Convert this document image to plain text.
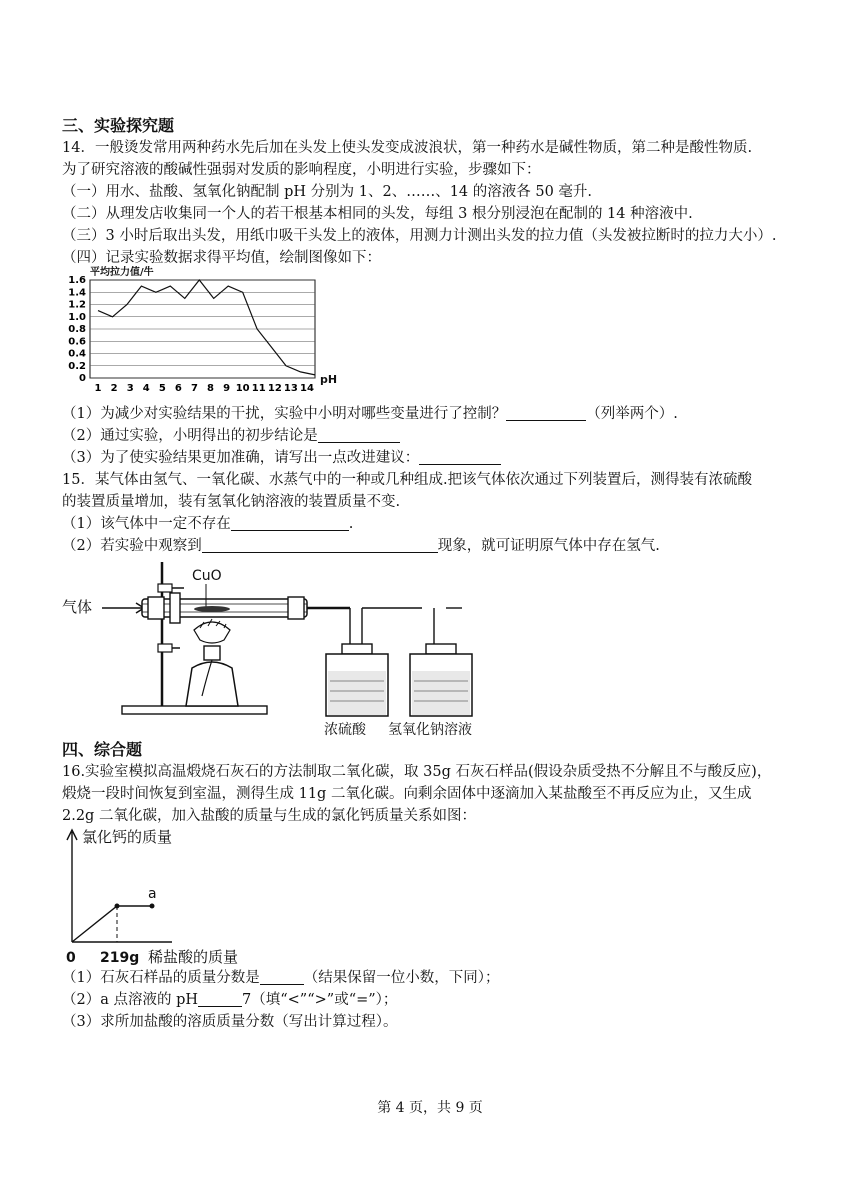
三、实验探究题
14．一般烫发常用两种药水先后加在头发上使头发变成波浪状，第一种药水是碱性物质，第二种是酸性物质.
为了研究溶液的酸碱性强弱对发质的影响程度，小明进行实验，步骤如下：
（一）用水、盐酸、氢氧化钠配制 pH 分别为 1、2、……、14 的溶液各 50 毫升.
（二）从理发店收集同一个人的若干根基本相同的头发，每组 3 根分别浸泡在配制的 14 种溶液中.
（三）3 小时后取出头发，用纸巾吸干头发上的液体，用测力计测出头发的拉力值（头发被拉断时的拉力大小）.
（四）记录实验数据求得平均值，绘制图像如下：
平均拉力值/牛
0
0.2
0.4
0.6
0.8
1.0
1.2
1.4
1.6
1 2 3 4 5 6 7 8 9 10 11 12 13 14
pH
（1）为减少对实验结果的干扰，实验中小明对哪些变量进行了控制？	（列举两个）.
（2）通过实验，小明得出的初步结论是
（3）为了使实验结果更加准确，请写出一点改进建议：
15．某气体由氢气、一氧化碳、水蒸气中的一种或几种组成.把该气体依次通过下列装置后，测得装有浓硫酸
的装置质量增加，装有氢氧化钠溶液的装置质量不变.
（1）该气体中一定不存在	.
（2）若实验中观察到	现象，就可证明原气体中存在氢气.
气体
CuO
浓硫酸 氢氧化钠溶液
四、综合题
16.实验室模拟高温煅烧石灰石的方法制取二氧化碳，取 35g 石灰石样品(假设杂质受热不分解且不与酸反应)，
煅烧一段时间恢复到室温，测得生成 11g 二氧化碳。向剩余固体中逐滴加入某盐酸至不再反应为止，又生成
2.2g 二氧化碳，加入盐酸的质量与生成的氯化钙质量关系如图：
氯化钙的质量
a
0 219g 稀盐酸的质量
（1）石灰石样品的质量分数是	（结果保留一位小数，下同）；
（2）a 点溶液的 pH	7（填“<”“>”或“=”）；
（3）求所加盐酸的溶质质量分数（写出计算过程）。
第 4 页，共 9 页
